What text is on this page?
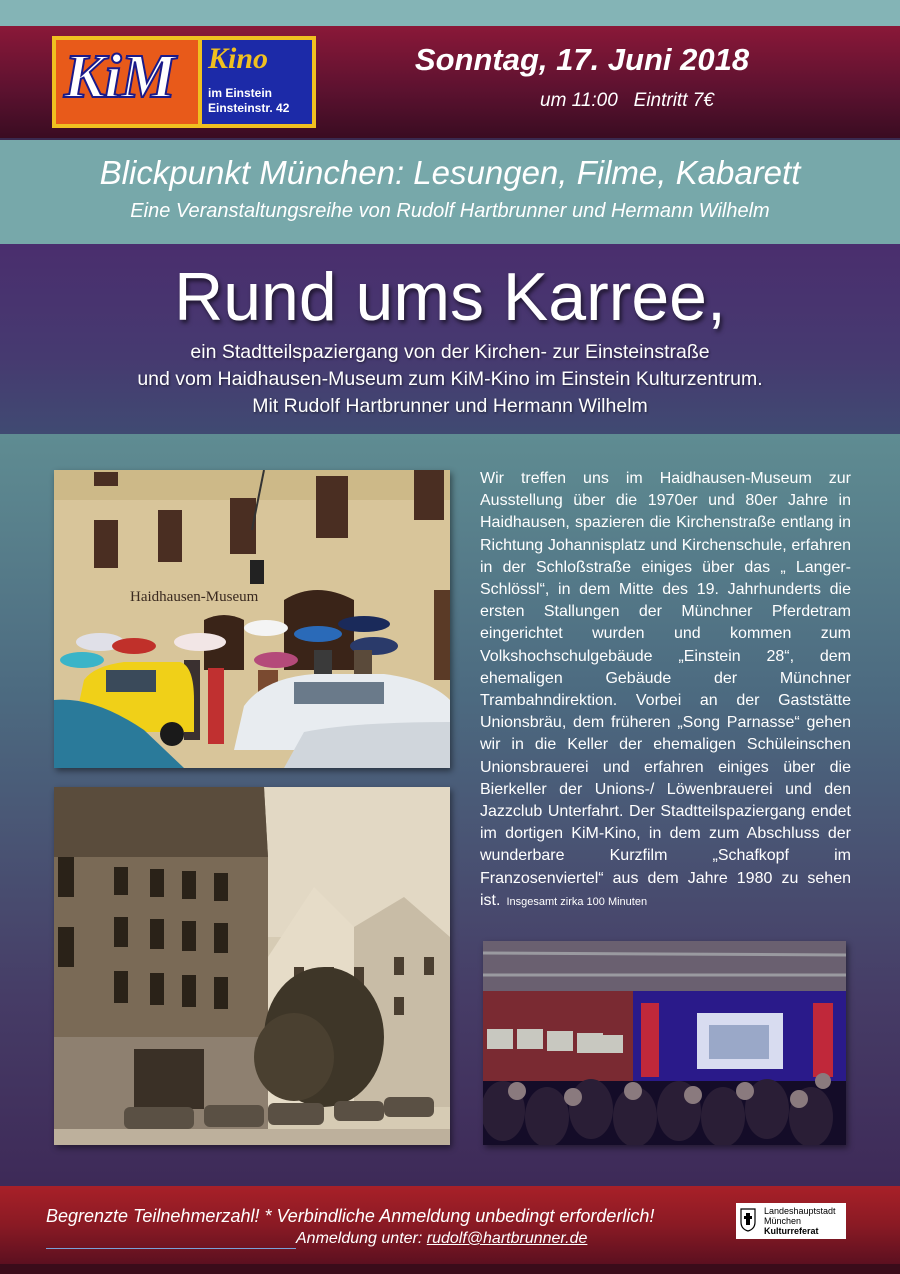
KiM Kino
im Einstein
Einsteinstr. 42
Sonntag, 17. Juni 2018
um 11:00   Eintritt 7€
Blickpunkt München: Lesungen, Filme, Kabarett
Eine Veranstaltungsreihe von Rudolf Hartbrunner und Hermann Wilhelm
Rund ums Karree,
ein Stadtteilspaziergang von der Kirchen- zur Einsteinstraße
und vom Haidhausen-Museum zum KiM-Kino im Einstein Kulturzentrum.
Mit Rudolf Hartbrunner und Hermann Wilhelm
Haidhausen-Museum
Wir treffen uns im Haidhausen-Museum zur Ausstellung über die 1970er und 80er Jahre in Haidhausen, spazieren die Kirchenstraße entlang in Richtung Johannisplatz und Kirchenschule, erfahren in der Schloßstraße einiges über das „ Langer-Schlössl“, in dem Mitte des 19. Jahrhunderts die ersten Stallungen der Münchner Pferdetram eingerichtet wurden und kommen zum Volkshochschulgebäude „Einstein 28“, dem ehemaligen Gebäude der Münchner Trambahndirektion. Vorbei an der Gaststätte Unionsbräu, dem früheren „Song Parnasse“ gehen wir in die Keller der ehemaligen Schüleinschen Unionsbrauerei und erfahren einiges über die Bierkeller der Unions-/ Löwenbrauerei und den Jazzclub Unterfahrt. Der Stadtteilspaziergang endet im dortigen KiM-Kino, in dem zum Abschluss der wunderbare Kurzfilm „Schafkopf im Franzosenviertel“ aus dem Jahre 1980 zu sehen ist. Insgesamt zirka 100 Minuten
Begrenzte Teilnehmerzahl! * Verbindliche Anmeldung unbedingt erforderlich!
Anmeldung unter: rudolf@hartbrunner.de
Landeshauptstadt
München
Kulturreferat
